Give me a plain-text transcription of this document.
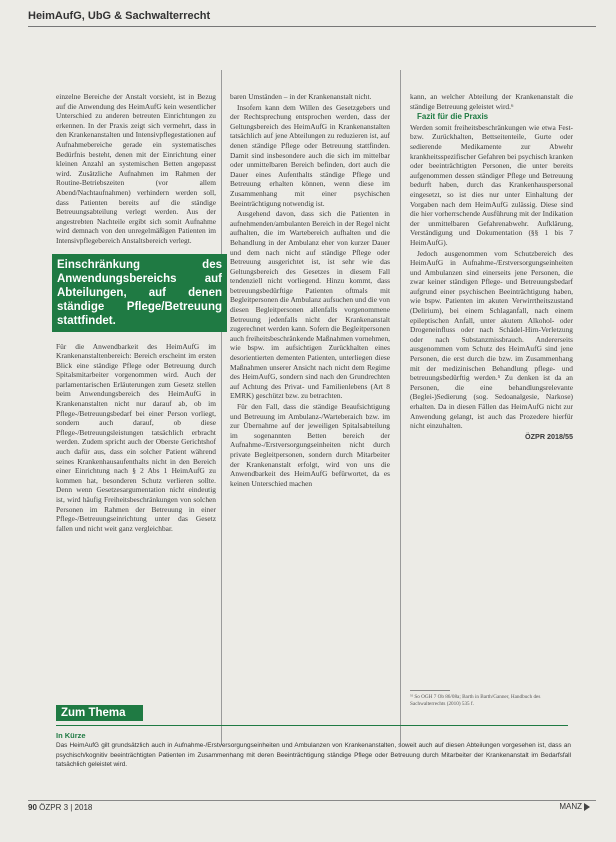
HeimAufG, UbG & Sachwalterrecht

einzelne Bereiche der Anstalt vorsieht, ist in Bezug auf die Anwendung des HeimAufG kein wesentlicher Unterschied zu anderen betreuten Einrichtungen zu erkennen. In der Praxis zeigt sich vermehrt, dass in den Krankenanstalten und Intensivpflegestationen auf Aufnahmebereiche gerade ein systematisches Bedürfnis besteht, denen mit der Einrichtung einer kleinen Anzahl an systemischen Betten angepasst wird. Zusätzliche Aufnahmen im Rahmen der Routine-Betriebszeiten (vor allem Abend/Nachtaufnahmen) verhindern werden soll, dass Patienten bereits auf die ständige Betreuungsabteilung verlegt werden. Aus der angestrebten Nachteile ergibt sich somit Aufnahme wird demnach von den unregelmäßigen Patienten im Intensivpflegebereich Anstaltsbereich verlegt.

Einschränkung des Anwendungsbereichs auf Abteilungen, auf denen ständige Pflege/Betreuung stattfindet.

Für die Anwendbarkeit des HeimAufG im Krankenanstaltenbereich: Bereich erscheint im ersten Blick eine ständige Pflege oder Betreuung durch Spitalsmitarbeiter vorgenommen wird. Auch der parlamentarischen Erläuterungen zum Gesetz stellen beim Anwendungsbereich des HeimAufG in Krankenanstalten nicht nur darauf ab, ob im Pflege-/Betreuungsbedarf bei einer Person vorliegt, sondern auch darauf, ob diese Pflege-/Betreuungsleistungen tatsächlich erbracht werden. Zudem spricht auch der Oberste Gerichtshof auch dafür aus, dass ein solcher Patient während seines Krankenhausaufenthalts nicht in den Bereich einer Einrichtung nach § 2 Abs 1 HeimAufG zu kommen hat, besonderen Schutz verlieren sollte. Denn wenn Gesetzesargumentation nicht eindeutig ist, wird häufig Freiheitsbeschränkungen von solchen Personen im Rahmen der Betreuung in einer Pflege-/Betreuungseinrichtung unter das Gesetz fallen und nicht weit ganz vergleichbar.

baren Umständen – in der Krankenanstalt nicht.

Insofern kann dem Willen des Gesetzgebers und der Rechtsprechung entsprochen werden, dass der Geltungsbereich des HeimAufG in Krankenanstalten tatsächlich auf jene Abteilungen zu reduzieren ist, auf denen ständige Pflege oder Betreuung stattfinden. Damit sind insbesondere auch die sich im mittelbar oder unmittelbaren Bereich befinden, dort auch die Dauer eines Aufenthalts ständige Pflege und Betreuung erhalten können, wenn diese im Zusammenhang mit einer psychischen Beeinträchtigung notwendig ist.

Ausgehend davon, dass sich die Patienten in aufnehmenden/ambulanten Bereich in der Regel nicht aufhalten, die im Wartebereich aufhalten und die Behandlung in der Ambulanz eher von kurzer Dauer und dem nach nicht auf ständige Pflege oder Betreuung ausgerichtet ist, ist sehr wie das Geltungsbereich des Gesetzes in diesem Fall tendenziell nicht vorliegend. Hinzu kommt, dass betreuungsbedürftige Patienten oftmals mit Begleitpersonen die Ambulanz aufsuchen und die von diesen Begleitpersonen allenfalls vorgenommene Betreuung jedenfalls nicht der Krankenanstalt zugerechnet werden kann. Sofern die Begleitpersonen auch freiheitsbeschränkende Maßnahmen vornehmen, wie bspw. im aufsichtigen Zurückhalten eines desorientierten dementen Patienten, unterliegen diese Maßnahmen unserer Ansicht nach nicht dem Regime des HeimAufG, sondern sind nach den Grundrechten auf Achtung des Privat- und Familienlebens (Art 8 EMRK) geschützt bzw. zu betrachten.

Für den Fall, dass die ständige Beaufsichtigung und Betreuung im Ambulanz-/Warteberaich bzw. im zur Übernahme auf der jeweiligen Spitalsabteilung im sogenannten Betten bereich der Aufnahme-/Erstversorgungseinheiten nicht durch private Begleitpersonen, sondern durch Mitarbeiter der Krankenanstalt erfolgt, wird von uns die Anwendbarkeit des HeimAufG befürwortet, da es keinen Unterschied machen

kann, an welcher Abteilung der Krankenanstalt die ständige Betreuung geleistet wird.⁶

Fazit für die Praxis

Werden somit freiheitsbeschränkungen wie etwa Fest- bzw. Zurückhalten, Bettseitenteile, Gurte oder sedierende Medikamente zur Abwehr krankheitsspezifischer Gefahren bei psychisch kranken oder beeinträchtigten Personen, die unter bereits aufgenommen dessen ständiger Pflege und Betreuung bedurft haben, durch das Krankenhauspersonal eingesetzt, so ist dies nur unter Einhaltung der Vorgaben nach dem HeimAufG zulässig. Diese sind die hier vorherrschende Ausführung mit der Indikation der unmittelbaren Gefahrenabwehr. Aufklärung, Verständigung und Dokumentation (§§ 1 bis 7 HeimAufG).

Jedoch ausgenommen vom Schutzbereich des HeimAufG in Aufnahme-/Erstversorgungseinheiten und Ambulanzen sind einerseits jene Personen, die zwar keiner ständigen Pflege- und Betreuungsbedarf aufgrund einer psychischen Beeinträchtigung haben, wie bspw. Patienten im akuten Verwirrtheitszustand (Delirium), bei einem Schlaganfall, nach einem epileptischen Anfall, unter akutem Alkohol- oder Drogeneinfluss oder nach Schädel-Hirn-Verletzung oder nach Substanzmissbrauch. Andererseits ausgenommen vom Schutz des HeimAufG sind jene Personen, die erst durch die bzw. im Zusammenhang mit der medizinischen Behandlung pflege- und betreuungsbedürftig werden.⁵ Zu denken ist da an Personen, die eine behandlungsrelevante (Beglei-)Sedierung (sog. Sedoanalgesie, Narkose) erhalten. Da in diesen Fällen das HeimAufG nicht zur Anwendung gelangt, ist auch das Prozedere hierfür nicht einzuhalten.

ÖZPR 2018/55

⁵⁾ So OGH 7 Ob 86/08a; Barth in Barth/Ganner, Handbuch des Sachwalterrechts (2010) 535 f.
Zum Thema
In Kürze
Das HeimAufG gilt grundsätzlich auch in Aufnahme-/Erstversorgungseinheiten und Ambulanzen von Krankenanstalten, soweit auch auf diesen Abteilungen vorgesehen ist, dass an psychisch/kognitiv beeinträchtigten Patienten im Zusammenhang mit deren Beeinträchtigung ständige Pflege oder Betreuung durch Mitarbeiter der Krankenanstalt im Bedarfsfall tatsächlich geleistet wird.
90 ÖZPR 3 | 2018	MANZ
